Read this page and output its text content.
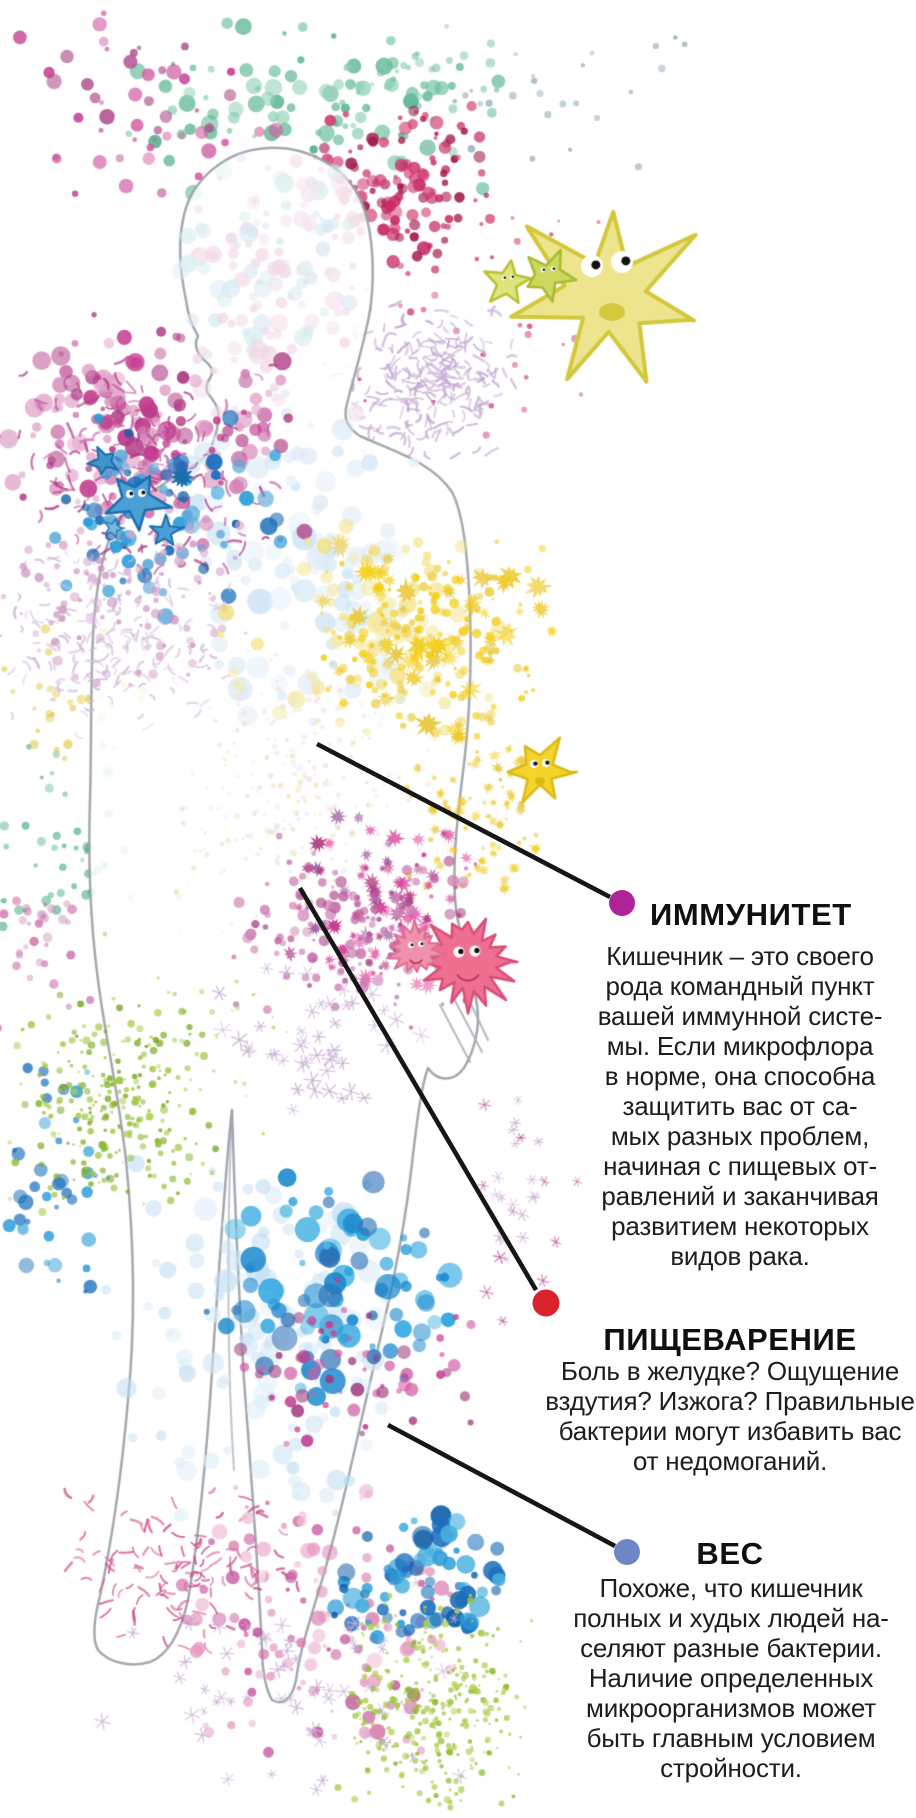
ИММУНИТЕТ
Кишечник – это своего
рода командный пункт
вашей иммунной систе-
мы. Если микрофлора
в норме, она способна
защитить вас от са-
мых разных проблем,
начиная с пищевых от-
равлений и заканчивая
развитием некоторых
видов рака.
ПИЩЕВАРЕНИЕ
Боль в желудке? Ощущение
вздутия? Изжога? Правильные
бактерии могут избавить вас
от недомоганий.
ВЕС
Похоже, что кишечник
полных и худых людей на-
селяют разные бактерии.
Наличие определенных
микроорганизмов может
быть главным условием
стройности.
